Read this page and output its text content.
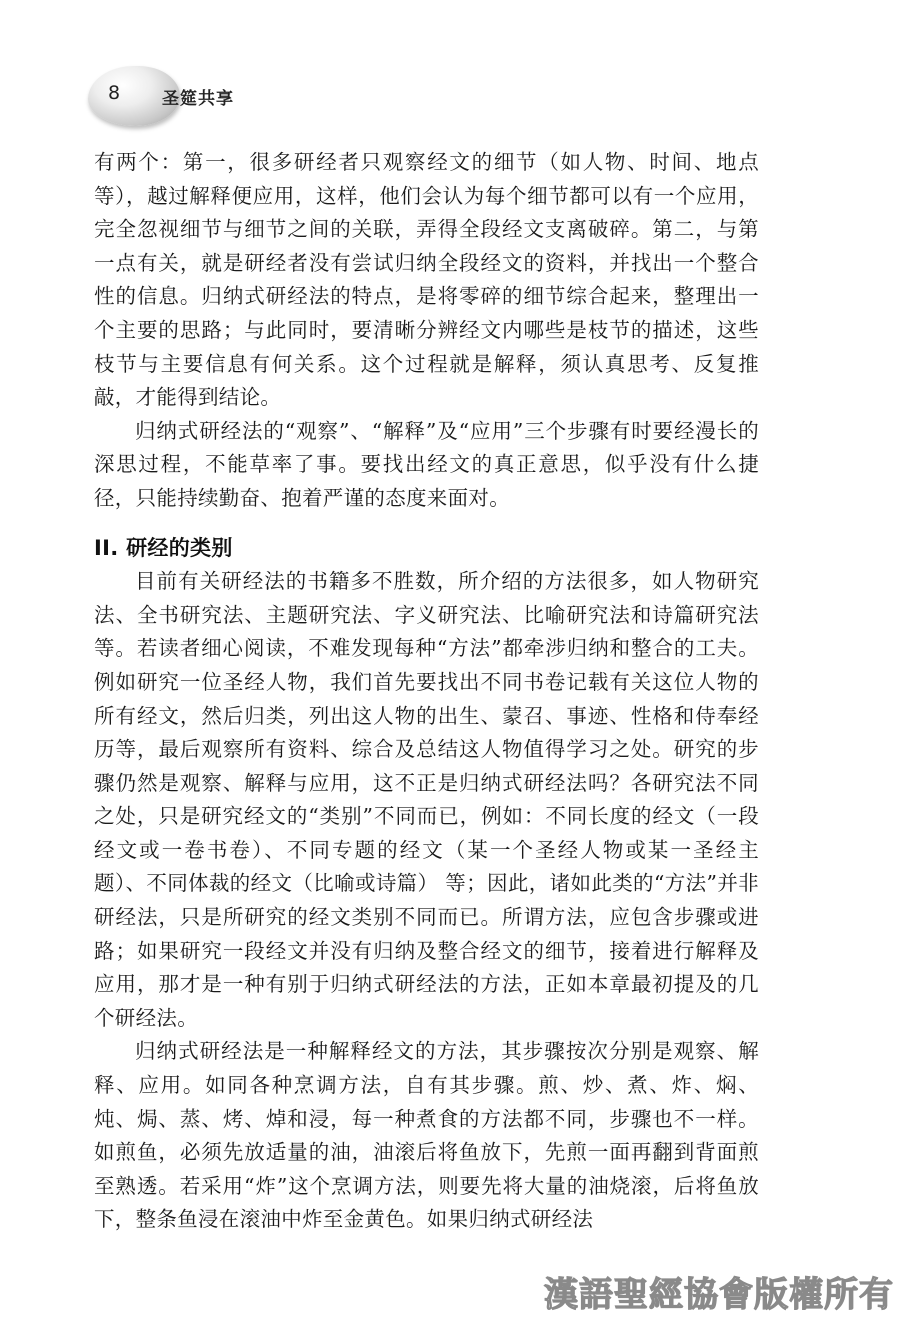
8 圣筵共享

有两个：第一，很多研经者只观察经文的细节（如人物、时间、地点等），越过解释便应用，这样，他们会认为每个细节都可以有一个应用，完全忽视细节与细节之间的关联，弄得全段经文支离破碎。第二，与第一点有关，就是研经者没有尝试归纳全段经文的资料，并找出一个整合性的信息。归纳式研经法的特点，是将零碎的细节综合起来，整理出一个主要的思路；与此同时，要清晰分辨经文内哪些是枝节的描述，这些枝节与主要信息有何关系。这个过程就是解释，须认真思考、反复推敲，才能得到结论。

归纳式研经法的“观察”、“解释”及“应用”三个步骤有时要经漫长的深思过程，不能草率了事。要找出经文的真正意思，似乎没有什么捷径，只能持续勤奋、抱着严谨的态度来面对。

II. 研经的类别

目前有关研经法的书籍多不胜数，所介绍的方法很多，如人物研究法、全书研究法、主题研究法、字义研究法、比喻研究法和诗篇研究法等。若读者细心阅读，不难发现每种“方法”都牵涉归纳和整合的工夫。例如研究一位圣经人物，我们首先要找出不同书卷记载有关这位人物的所有经文，然后归类，列出这人物的出生、蒙召、事迹、性格和侍奉经历等，最后观察所有资料、综合及总结这人物值得学习之处。研究的步骤仍然是观察、解释与应用，这不正是归纳式研经法吗？各研究法不同之处，只是研究经文的“类别”不同而已，例如：不同长度的经文（一段经文或一卷书卷）、不同专题的经文（某一个圣经人物或某一圣经主题）、不同体裁的经文（比喻或诗篇） 等；因此，诸如此类的“方法”并非研经法，只是所研究的经文类别不同而已。所谓方法，应包含步骤或进路；如果研究一段经文并没有归纳及整合经文的细节，接着进行解释及应用，那才是一种有别于归纳式研经法的方法，正如本章最初提及的几个研经法。

归纳式研经法是一种解释经文的方法，其步骤按次分别是观察、解释、应用。如同各种烹调方法，自有其步骤。煎、炒、煮、炸、焖、炖、焗、蒸、烤、焯和浸，每一种煮食的方法都不同，步骤也不一样。如煎鱼，必须先放适量的油，油滚后将鱼放下，先煎一面再翻到背面煎至熟透。若采用“炸”这个烹调方法，则要先将大量的油烧滚，后将鱼放下，整条鱼浸在滚油中炸至金黄色。如果归纳式研经法

漢語聖經協會版權所有
